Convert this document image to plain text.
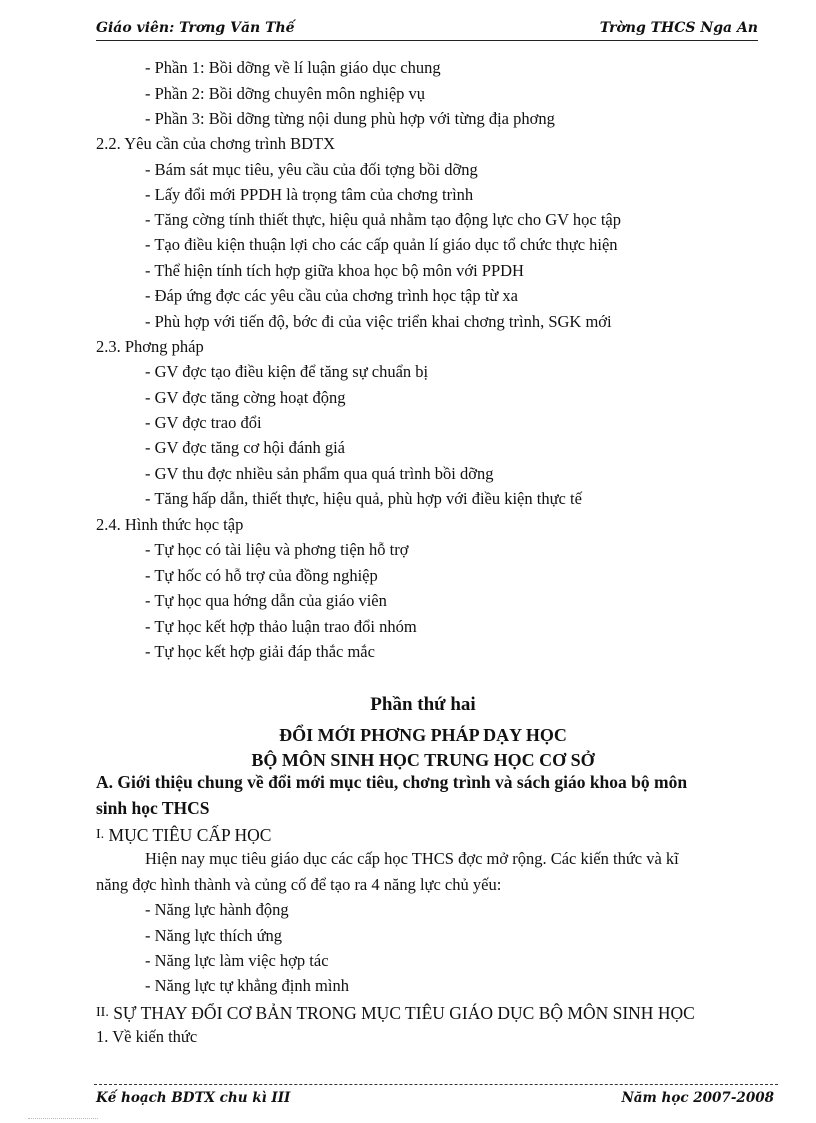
Giáo viên: Trơng Văn Thế	Trờng THCS Nga An
- Phần 1: Bồi dỡng về lí luận giáo dục chung
- Phần 2: Bồi dỡng chuyên môn nghiệp vụ
- Phần 3: Bồi dỡng từng nội dung phù hợp với từng địa phơng
2.2. Yêu cần của chơng trình BDTX
- Bám sát mục tiêu, yêu cầu của đối tợng bồi dỡng
- Lấy đổi mới PPDH là trọng tâm của chơng trình
- Tăng cờng tính thiết thực, hiệu quả nhằm tạo động lực cho GV học tập
- Tạo điều kiện thuận lợi cho các cấp quản lí giáo dục tổ chức thực hiện
- Thể hiện tính tích hợp giữa khoa học bộ môn với PPDH
- Đáp ứng đợc các yêu cầu của chơng trình học tập từ xa
- Phù hợp với tiến độ, bớc đi của việc triển khai chơng trình, SGK mới
2.3. Phơng pháp
- GV đợc tạo điều kiện để tăng sự chuẩn bị
- GV đợc tăng cờng hoạt động
- GV đợc trao đổi
- GV đợc tăng cơ hội đánh giá
- GV thu đợc nhiều sản phẩm qua quá trình bồi dỡng
- Tăng hấp dẫn, thiết thực, hiệu quả, phù hợp với điều kiện thực tế
2.4. Hình thức học tập
- Tự học có tài liệu và phơng tiện hỗ trợ
- Tự hốc có hỗ trợ của đồng nghiệp
- Tự học qua hớng dẫn của giáo viên
- Tự học kết hợp thảo luận trao đổi nhóm
- Tự học kết hợp giải đáp thắc mắc
Phần thứ hai
ĐỔI MỚI PHƠNG PHÁP DẠY HỌC
BỘ MÔN SINH HỌC TRUNG HỌC CƠ SỞ
A. Giới thiệu chung về đổi mới mục tiêu, chơng trình và sách giáo khoa bộ môn
sinh học THCS
I. MỤC TIÊU CẤP HỌC
Hiện nay mục tiêu giáo dục các cấp học THCS đợc mở rộng. Các kiến thức và kĩ
năng đợc hình thành và củng cố để tạo ra 4 năng lực chủ yếu:
- Năng lực hành động
- Năng lực thích ứng
- Năng lực làm việc hợp tác
- Năng lực tự khẳng định mình
II. SỰ THAY ĐỔI CƠ BẢN TRONG MỤC TIÊU GIÁO DỤC BỘ MÔN SINH HỌC
1. Về kiến thức
Kế hoạch BDTX chu kì III	Năm học 2007-2008
